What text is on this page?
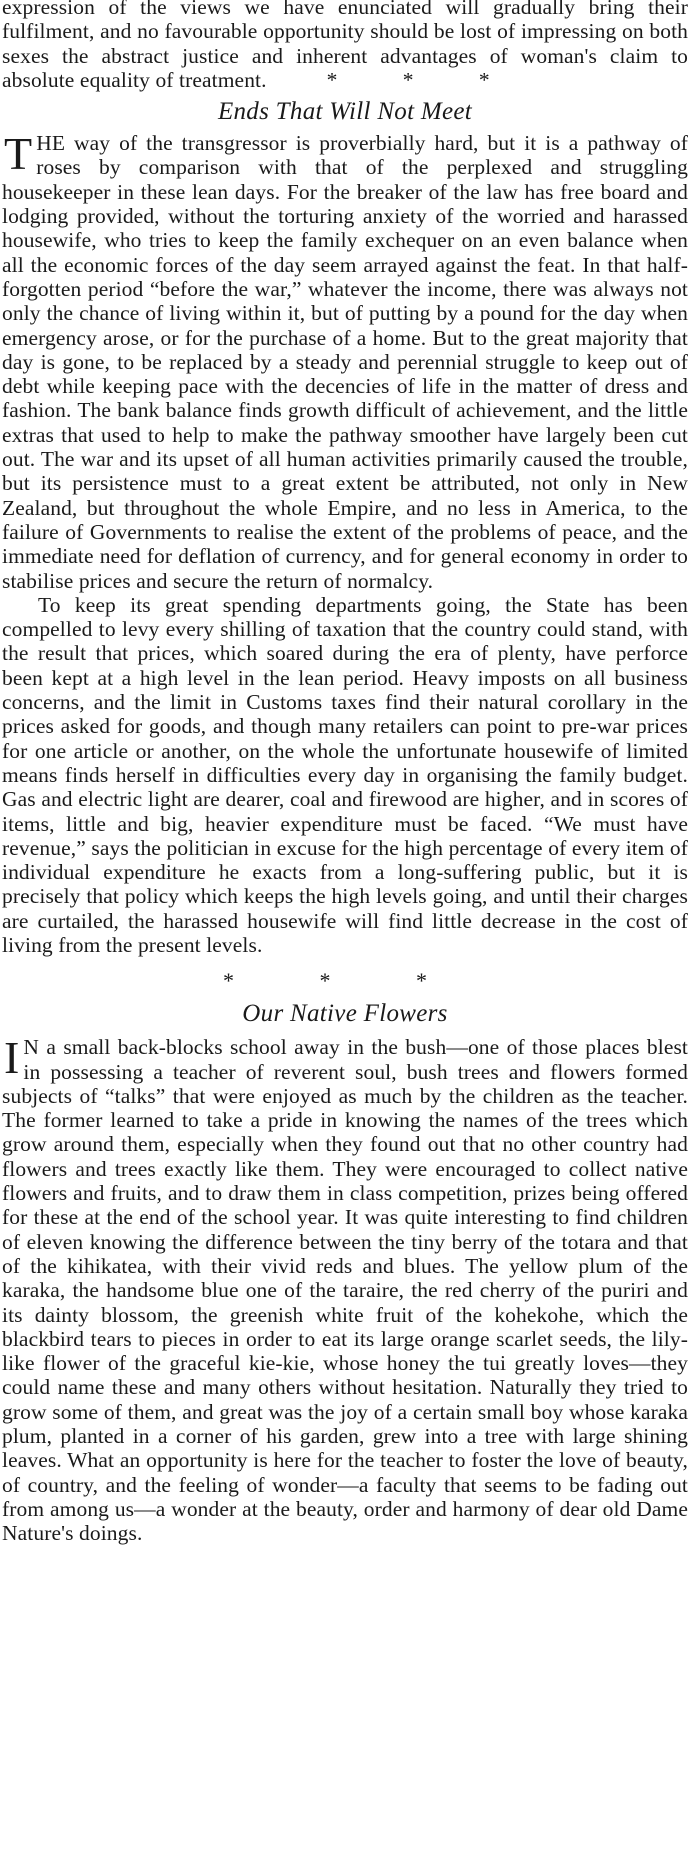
expression of the views we have enunciated will gradually bring their fulfilment, and no favourable opportunity should be lost of impressing on both sexes the abstract justice and inherent advantages of woman's claim to absolute equality of treatment.	* * *

Ends That Will Not Meet

THE way of the transgressor is proverbially hard, but it is a pathway of roses by comparison with that of the perplexed and struggling housekeeper in these lean days. For the breaker of the law has free board and lodging provided, without the torturing anxiety of the worried and harassed housewife, who tries to keep the family exchequer on an even balance when all the economic forces of the day seem arrayed against the feat. In that half-forgotten period “before the war,” whatever the income, there was always not only the chance of living within it, but of putting by a pound for the day when emergency arose, or for the purchase of a home. But to the great majority that day is gone, to be replaced by a steady and perennial struggle to keep out of debt while keeping pace with the decencies of life in the matter of dress and fashion. The bank balance finds growth difficult of achievement, and the little extras that used to help to make the pathway smoother have largely been cut out. The war and its upset of all human activities primarily caused the trouble, but its persistence must to a great extent be attributed, not only in New Zealand, but throughout the whole Empire, and no less in America, to the failure of Governments to realise the extent of the problems of peace, and the immediate need for deflation of currency, and for general economy in order to stabilise prices and secure the return of normalcy.

To keep its great spending departments going, the State has been compelled to levy every shilling of taxation that the country could stand, with the result that prices, which soared during the era of plenty, have perforce been kept at a high level in the lean period. Heavy imposts on all business concerns, and the limit in Customs taxes find their natural corollary in the prices asked for goods, and though many retailers can point to pre-war prices for one article or another, on the whole the unfortunate housewife of limited means finds herself in difficulties every day in organising the family budget. Gas and electric light are dearer, coal and firewood are higher, and in scores of items, little and big, heavier expenditure must be faced. “We must have revenue,” says the politician in excuse for the high percentage of every item of individual expenditure he exacts from a long-suffering public, but it is precisely that policy which keeps the high levels going, and until their charges are curtailed, the harassed housewife will find little decrease in the cost of living from the present levels.

* * *
Our Native Flowers

I N a small back-blocks school away in the bush—one of those places blest in possessing a teacher of reverent soul, bush trees and flowers formed subjects of “talks” that were enjoyed as much by the children as the teacher. The former learned to take a pride in knowing the names of the trees which grow around them, especially when they found out that no other country had flowers and trees exactly like them. They were encouraged to collect native flowers and fruits, and to draw them in class competition, prizes being offered for these at the end of the school year. It was quite interesting to find children of eleven knowing the difference between the tiny berry of the totara and that of the kihikatea, with their vivid reds and blues. The yellow plum of the karaka, the handsome blue one of the taraire, the red cherry of the puriri and its dainty blossom, the greenish white fruit of the kohekohe, which the blackbird tears to pieces in order to eat its large orange scarlet seeds, the lily-like flower of the graceful kie-kie, whose honey the tui greatly loves—they could name these and many others without hesitation. Naturally they tried to grow some of them, and great was the joy of a certain small boy whose karaka plum, planted in a corner of his garden, grew into a tree with large shining leaves. What an opportunity is here for the teacher to foster the love of beauty, of country, and the feeling of wonder—a faculty that seems to be fading out from among us—a wonder at the beauty, order and harmony of dear old Dame Nature's doings.
